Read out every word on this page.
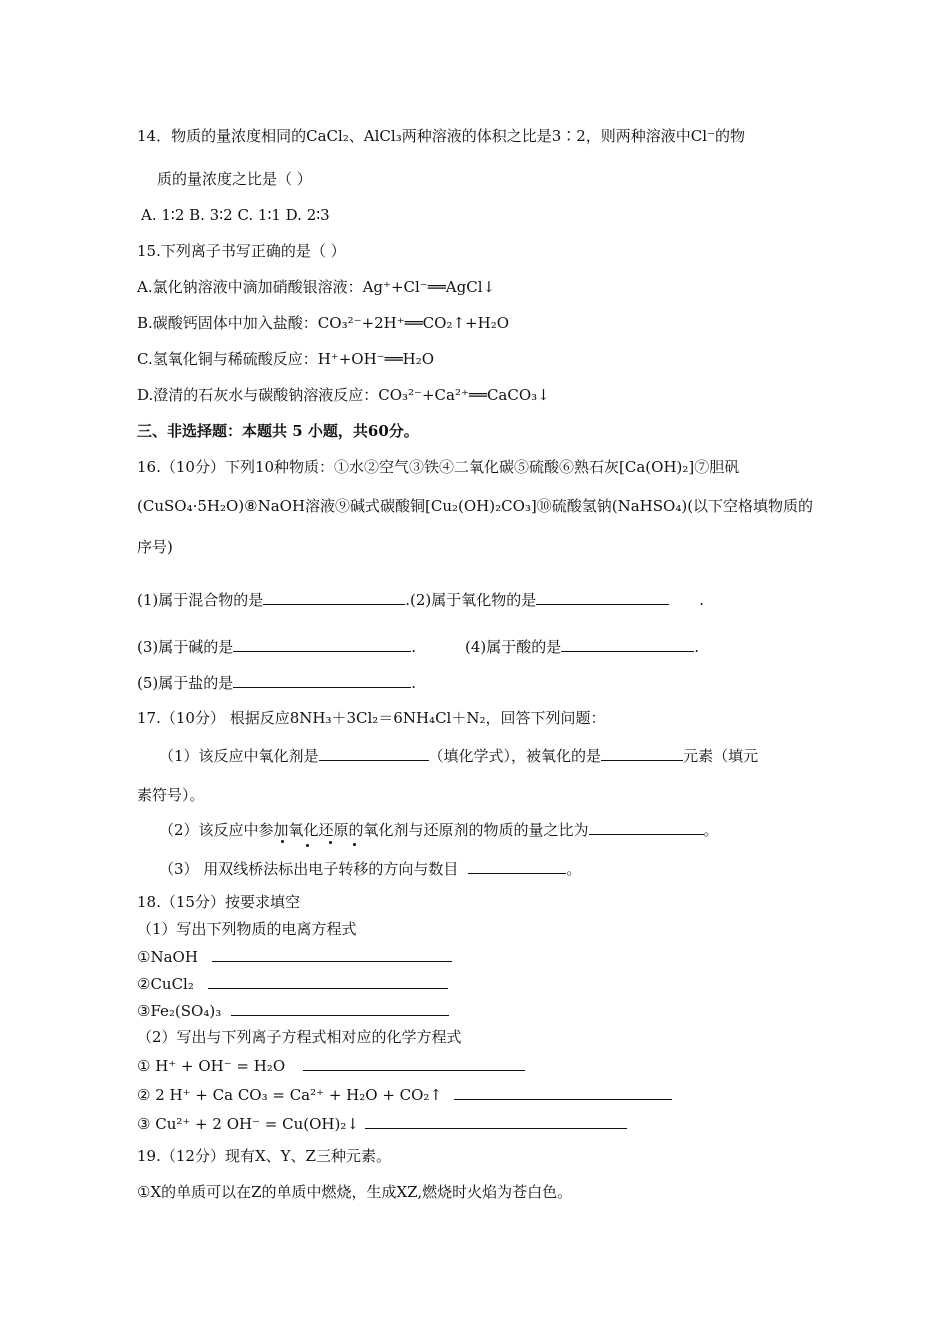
14．物质的量浓度相同的CaCl₂、AlCl₃两种溶液的体积之比是3∶2，则两种溶液中Cl⁻的物
质的量浓度之比是（ ）
A. 1∶2 B. 3∶2 C. 1∶1 D. 2∶3
15.下列离子书写正确的是（ ）
A.氯化钠溶液中滴加硝酸银溶液：Ag⁺+Cl⁻══AgCl↓
B.碳酸钙固体中加入盐酸：CO₃²⁻+2H⁺══CO₂↑+H₂O
C.氢氧化铜与稀硫酸反应：H⁺+OH⁻══H₂O
D.澄清的石灰水与碳酸钠溶液反应：CO₃²⁻+Ca²⁺══CaCO₃↓
三、非选择题：本题共 5 小题，共60分。
16.（10分）下列10种物质：①水②空气③铁④二氧化碳⑤硫酸⑥熟石灰[Ca(OH)₂]⑦胆矾
(CuSO₄·5H₂O)⑧NaOH溶液⑨碱式碳酸铜[Cu₂(OH)₂CO₃]⑩硫酸氢钠(NaHSO₄)(以下空格填物质的
序号)
(1)属于混合物的是	.(2)属于氧化物的是	.
(3)属于碱的是	.	(4)属于酸的是	.
(5)属于盐的是	.
17.（10分） 根据反应8NH₃＋3Cl₂＝6NH₄Cl＋N₂，回答下列问题：
（1）该反应中氧化剂是	（填化学式），被氧化的是	元素（填元
素符号）。
（2）该反应中参加氧化还原的氧化剂与还原剂的物质的量之比为	。
（3） 用双线桥法标出电子转移的方向与数目	。
18.（15分）按要求填空
（1）写出下列物质的电离方程式
①NaOH
②CuCl₂
③Fe₂(SO₄)₃
（2）写出与下列离子方程式相对应的化学方程式
① H⁺ + OH⁻ = H₂O
② 2 H⁺ + Ca CO₃ = Ca²⁺ + H₂O + CO₂↑
③ Cu²⁺ + 2 OH⁻ = Cu(OH)₂↓
19.（12分）现有X、Y、Z三种元素。
①X的单质可以在Z的单质中燃烧，生成XZ,燃烧时火焰为苍白色。
